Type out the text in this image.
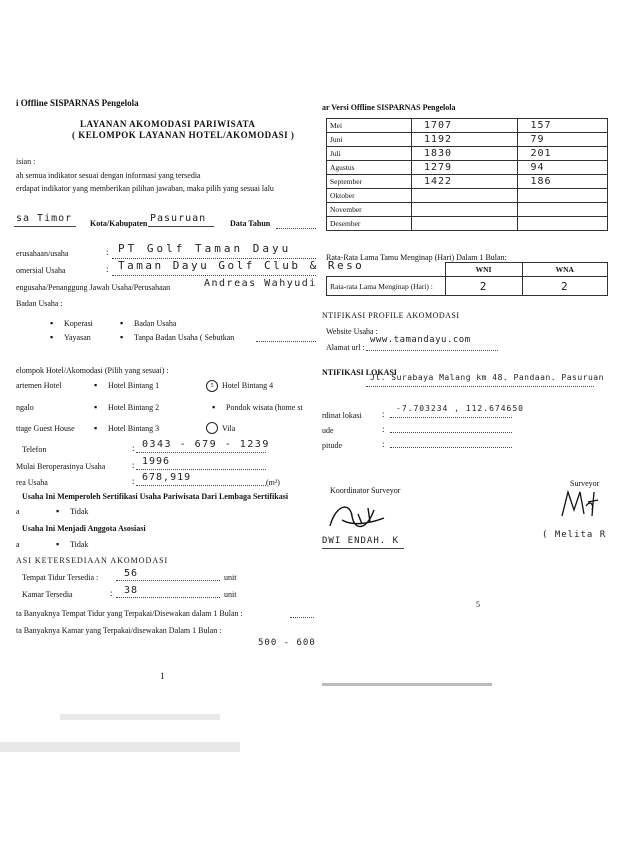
i Offline SISPARNAS Pengelola
LAYANAN AKOMODASI PARIWISATA
( KELOMPOK LAYANAN HOTEL/AKOMODASI )
isian :
ah semua indikator sesuai dengan informasi yang tersedia
erdapat indikator yang memberikan pilihan jawaban, maka pilih yang sesuai lalu
sa Timor Kota/Kabupaten Pasuruan	Data Tahun
erusahaan/usaha	: PT Golf Taman Dayu
omersial Usaha	: Taman Dayu Golf Club & Reso
engusaha/Penanggung Jawab Usaha/Perusahaan	Andreas Wahyudi
Badan Usaha :
▪ Koperasi	▪ Badan Usaha
▪ Yayasan	▪ Tanpa Badan Usaha ( Sebutkan
elompok Hotel/Akomodasi (Pilih yang sesuai) :
artemen Hotel	▪ Hotel Bintang 1	5	Hotel Bintang 4
ngalo	▪ Hotel Bintang 2	▪ Pondok wisata (home st
ttage Guest House ▪ Hotel Bintang 3	Vila
Telefon	: 0343 - 679 - 1239
Mulai Beroperasinya Usaha	: 1996
rea Usaha	: 678,919	(m²)
Usaha Ini Memperoleh Sertifikasi Usaha Pariwisata Dari Lembaga Sertifikasi
a	▪ Tidak
Usaha Ini Menjadi Anggota Asosiasi
a	▪ Tidak
ASI KETERSEDIAAN AKOMODASI
Tempat Tidur Tersedia :	56	unit
Kamar Tersedia	: 38	unit
ta Banyaknya Tempat Tidur yang Terpakai/Disewakan dalam 1 Bulan :
ta Banyaknya Kamar yang Terpakai/disewakan Dalam 1 Bulan :
500 - 600
1
ar Versi Offline SISPARNAS Pengelola
Mei	1707	157
Juni	1192	79
Juli	1830	201
Agustus	1279	94
September	1422	186
Oktober		
November		
Desember		
Rata-Rata Lama Tamu Menginap (Hari) Dalam 1 Bulan:
	WNI	WNA
Rata-rata Lama Menginap (Hari) :	2	2
NTIFIKASI PROFILE AKOMODASI
Website Usaha :
Alamat url :
www.tamandayu.com
NTIFIKASI LOKASI
Jl. Surabaya Malang km 48. Pandaan. Pasuruan
rdinat lokasi :
-7.703234 , 112.674650
ude	:
pitude	:
Koordinator Surveyor
Surveyor
DWI ENDAH. K
( Melita R
5
